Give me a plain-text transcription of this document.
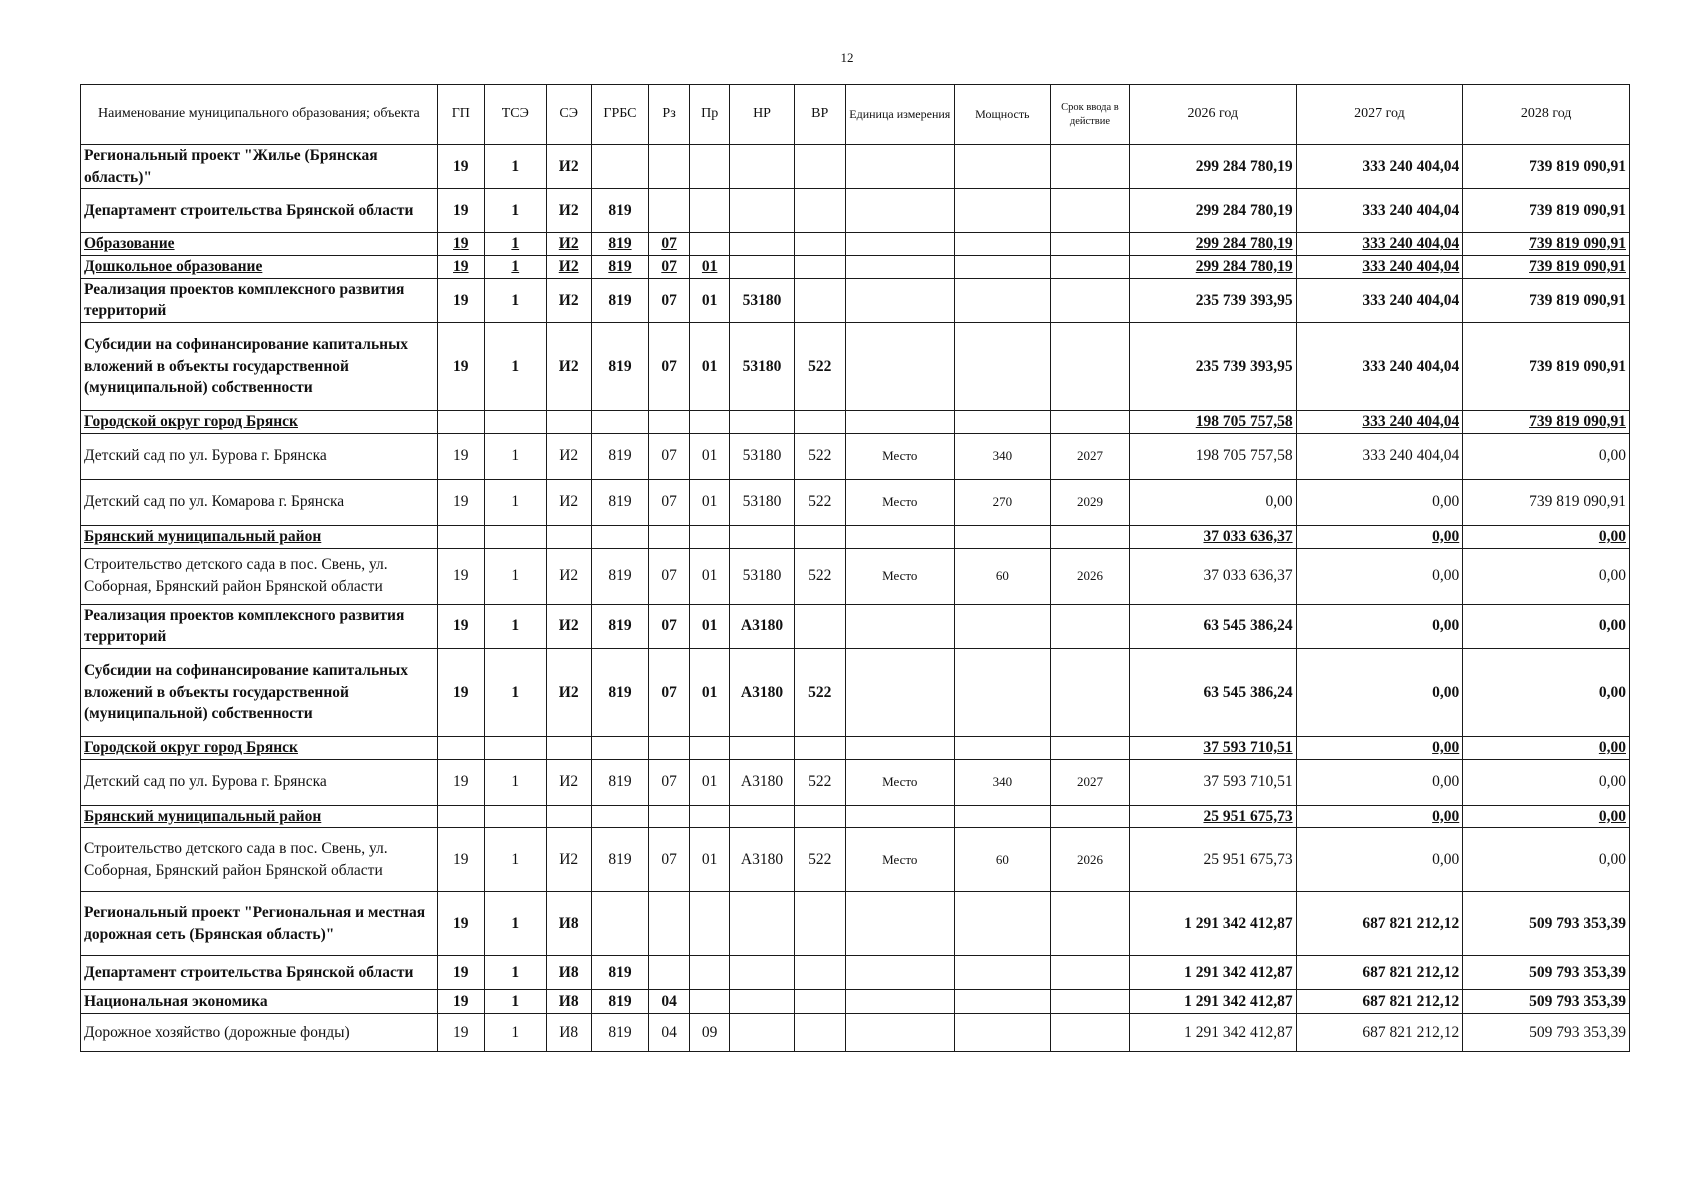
12
Наименование муниципального образования; объекта	ГП	ТСЭ	СЭ	ГРБС	Рз	Пр	НР	ВР	Единица измерения	Мощность	Срок ввода в действие	2026 год	2027 год	2028 год
Региональный проект "Жилье (Брянская область)"	19	1	И2									299 284 780,19	333 240 404,04	739 819 090,91
Департамент строительства Брянской области	19	1	И2	819								299 284 780,19	333 240 404,04	739 819 090,91
Образование	19	1	И2	819	07							299 284 780,19	333 240 404,04	739 819 090,91
Дошкольное образование	19	1	И2	819	07	01						299 284 780,19	333 240 404,04	739 819 090,91
Реализация проектов комплексного развития территорий	19	1	И2	819	07	01	53180					235 739 393,95	333 240 404,04	739 819 090,91
Субсидии на софинансирование капитальных вложений в объекты государственной (муниципальной) собственности	19	1	И2	819	07	01	53180	522				235 739 393,95	333 240 404,04	739 819 090,91
Городской округ город Брянск												198 705 757,58	333 240 404,04	739 819 090,91
Детский сад по ул. Бурова г. Брянска	19	1	И2	819	07	01	53180	522	Место	340	2027	198 705 757,58	333 240 404,04	0,00
Детский сад по ул. Комарова г. Брянска	19	1	И2	819	07	01	53180	522	Место	270	2029	0,00	0,00	739 819 090,91
Брянский муниципальный район												37 033 636,37	0,00	0,00
Строительство детского сада в пос. Свень, ул. Соборная, Брянский район Брянской области	19	1	И2	819	07	01	53180	522	Место	60	2026	37 033 636,37	0,00	0,00
Реализация проектов комплексного развития территорий	19	1	И2	819	07	01	А3180					63 545 386,24	0,00	0,00
Субсидии на софинансирование капитальных вложений в объекты государственной (муниципальной) собственности	19	1	И2	819	07	01	А3180	522				63 545 386,24	0,00	0,00
Городской округ город Брянск												37 593 710,51	0,00	0,00
Детский сад по ул. Бурова г. Брянска	19	1	И2	819	07	01	А3180	522	Место	340	2027	37 593 710,51	0,00	0,00
Брянский муниципальный район												25 951 675,73	0,00	0,00
Строительство детского сада в пос. Свень, ул. Соборная, Брянский район Брянской области	19	1	И2	819	07	01	А3180	522	Место	60	2026	25 951 675,73	0,00	0,00
Региональный проект "Региональная и местная дорожная сеть (Брянская область)"	19	1	И8									1 291 342 412,87	687 821 212,12	509 793 353,39
Департамент строительства Брянской области	19	1	И8	819								1 291 342 412,87	687 821 212,12	509 793 353,39
Национальная экономика	19	1	И8	819	04							1 291 342 412,87	687 821 212,12	509 793 353,39
Дорожное хозяйство (дорожные фонды)	19	1	И8	819	04	09						1 291 342 412,87	687 821 212,12	509 793 353,39
